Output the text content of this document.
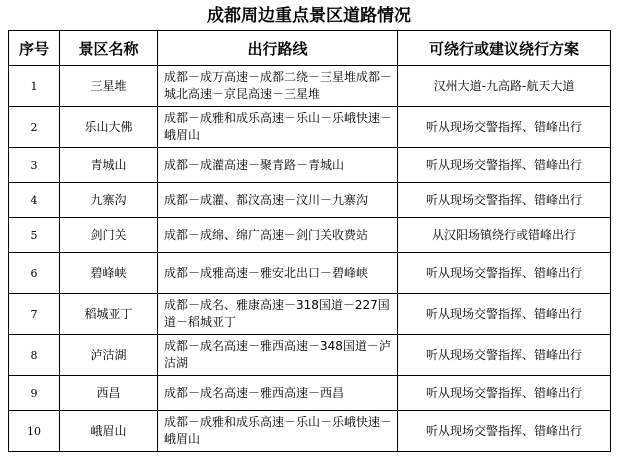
成都周边重点景区道路情况
序号	景区名称	出行路线	可绕行或建议绕行方案
1	三星堆	成都－成万高速－成都二绕－三星堆成都－城北高速－京昆高速－三星堆	汉州大道-九高路-航天大道
2	乐山大佛	成都－成雅和成乐高速－乐山－乐峨快速－峨眉山	听从现场交警指挥、错峰出行
3	青城山	成都－成灌高速－聚青路－青城山	听从现场交警指挥、错峰出行
4	九寨沟	成都－成灌、都汶高速－汶川－九寨沟	听从现场交警指挥、错峰出行
5	剑门关	成都－成绵、绵广高速－剑门关收费站	从汉阳场镇绕行或错峰出行
6	碧峰峡	成都－成雅高速－雅安北出口－碧峰峡	听从现场交警指挥、错峰出行
7	稻城亚丁	成都－成名、雅康高速－318国道－227国道－稻城亚丁	听从现场交警指挥、错峰出行
8	泸沽湖	成都－成名高速－雅西高速－348国道－泸沽湖	听从现场交警指挥、错峰出行
9	西昌	成都－成名高速－雅西高速－西昌	听从现场交警指挥、错峰出行
10	峨眉山	成都－成雅和成乐高速－乐山－乐峨快速－峨眉山	听从现场交警指挥、错峰出行
